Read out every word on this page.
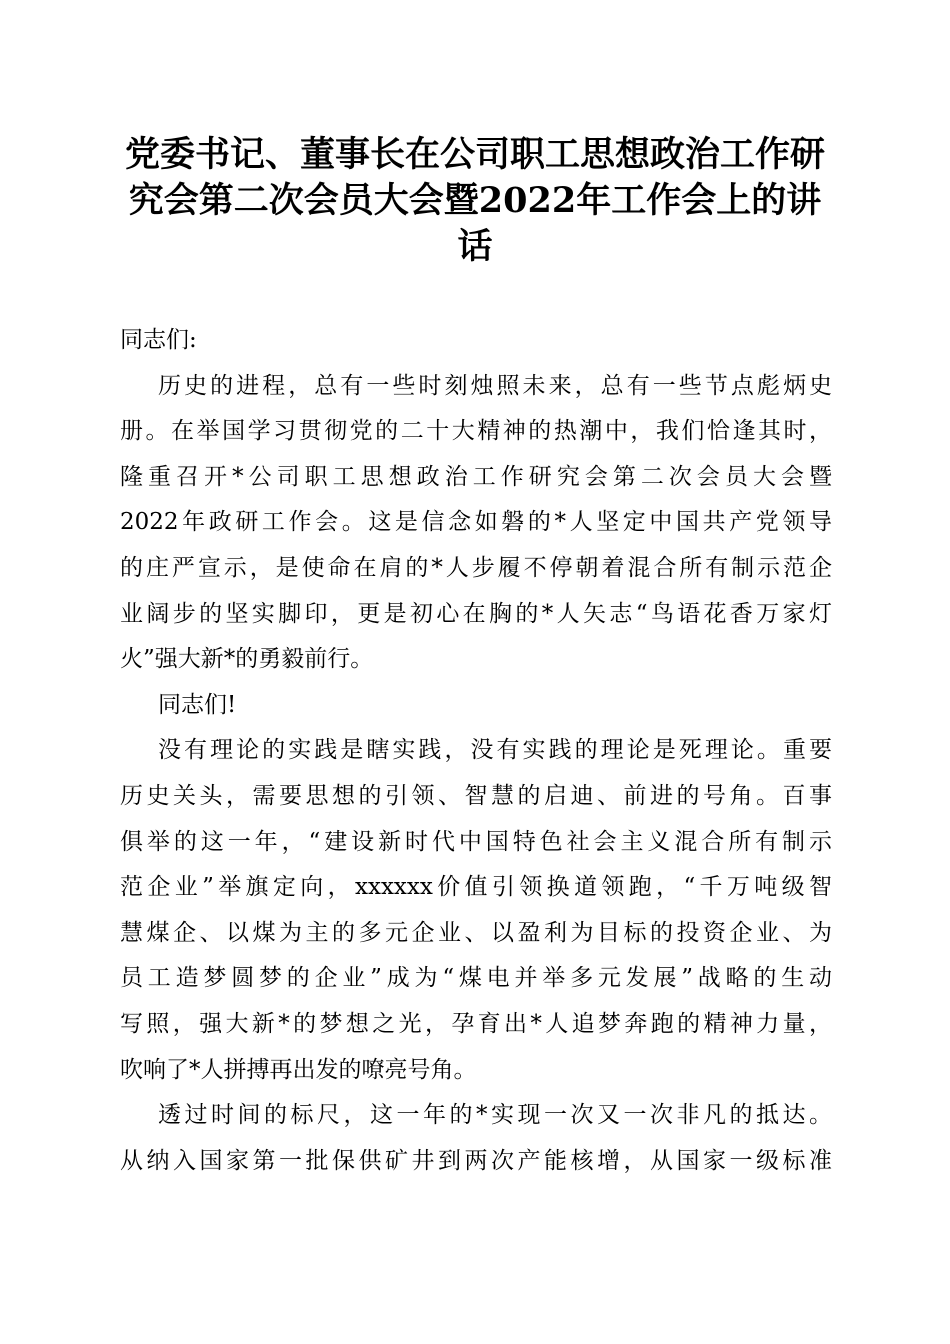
党委书记、董事长在公司职工思想政治工作研
究会第二次会员大会暨2022年工作会上的讲
话
同志们:
历史的进程，总有一些时刻烛照未来，总有一些节点彪炳史
册。在举国学习贯彻党的二十大精神的热潮中，我们恰逢其时，
隆重召开*公司职工思想政治工作研究会第二次会员大会暨
2022年政研工作会。这是信念如磐的*人坚定中国共产党领导
的庄严宣示，是使命在肩的*人步履不停朝着混合所有制示范企
业阔步的坚实脚印，更是初心在胸的*人矢志“鸟语花香万家灯
火”强大新*的勇毅前行。
同志们!
没有理论的实践是瞎实践，没有实践的理论是死理论。重要
历史关头，需要思想的引领、智慧的启迪、前进的号角。百事
俱举的这一年，“建设新时代中国特色社会主义混合所有制示
范企业”举旗定向，xxxxxx价值引领换道领跑，“千万吨级智
慧煤企、以煤为主的多元企业、以盈利为目标的投资企业、为
员工造梦圆梦的企业”成为“煤电并举多元发展”战略的生动
写照，强大新*的梦想之光，孕育出*人追梦奔跑的精神力量，
吹响了*人拼搏再出发的嘹亮号角。
透过时间的标尺，这一年的*实现一次又一次非凡的抵达。
从纳入国家第一批保供矿井到两次产能核增，从国家一级标准
